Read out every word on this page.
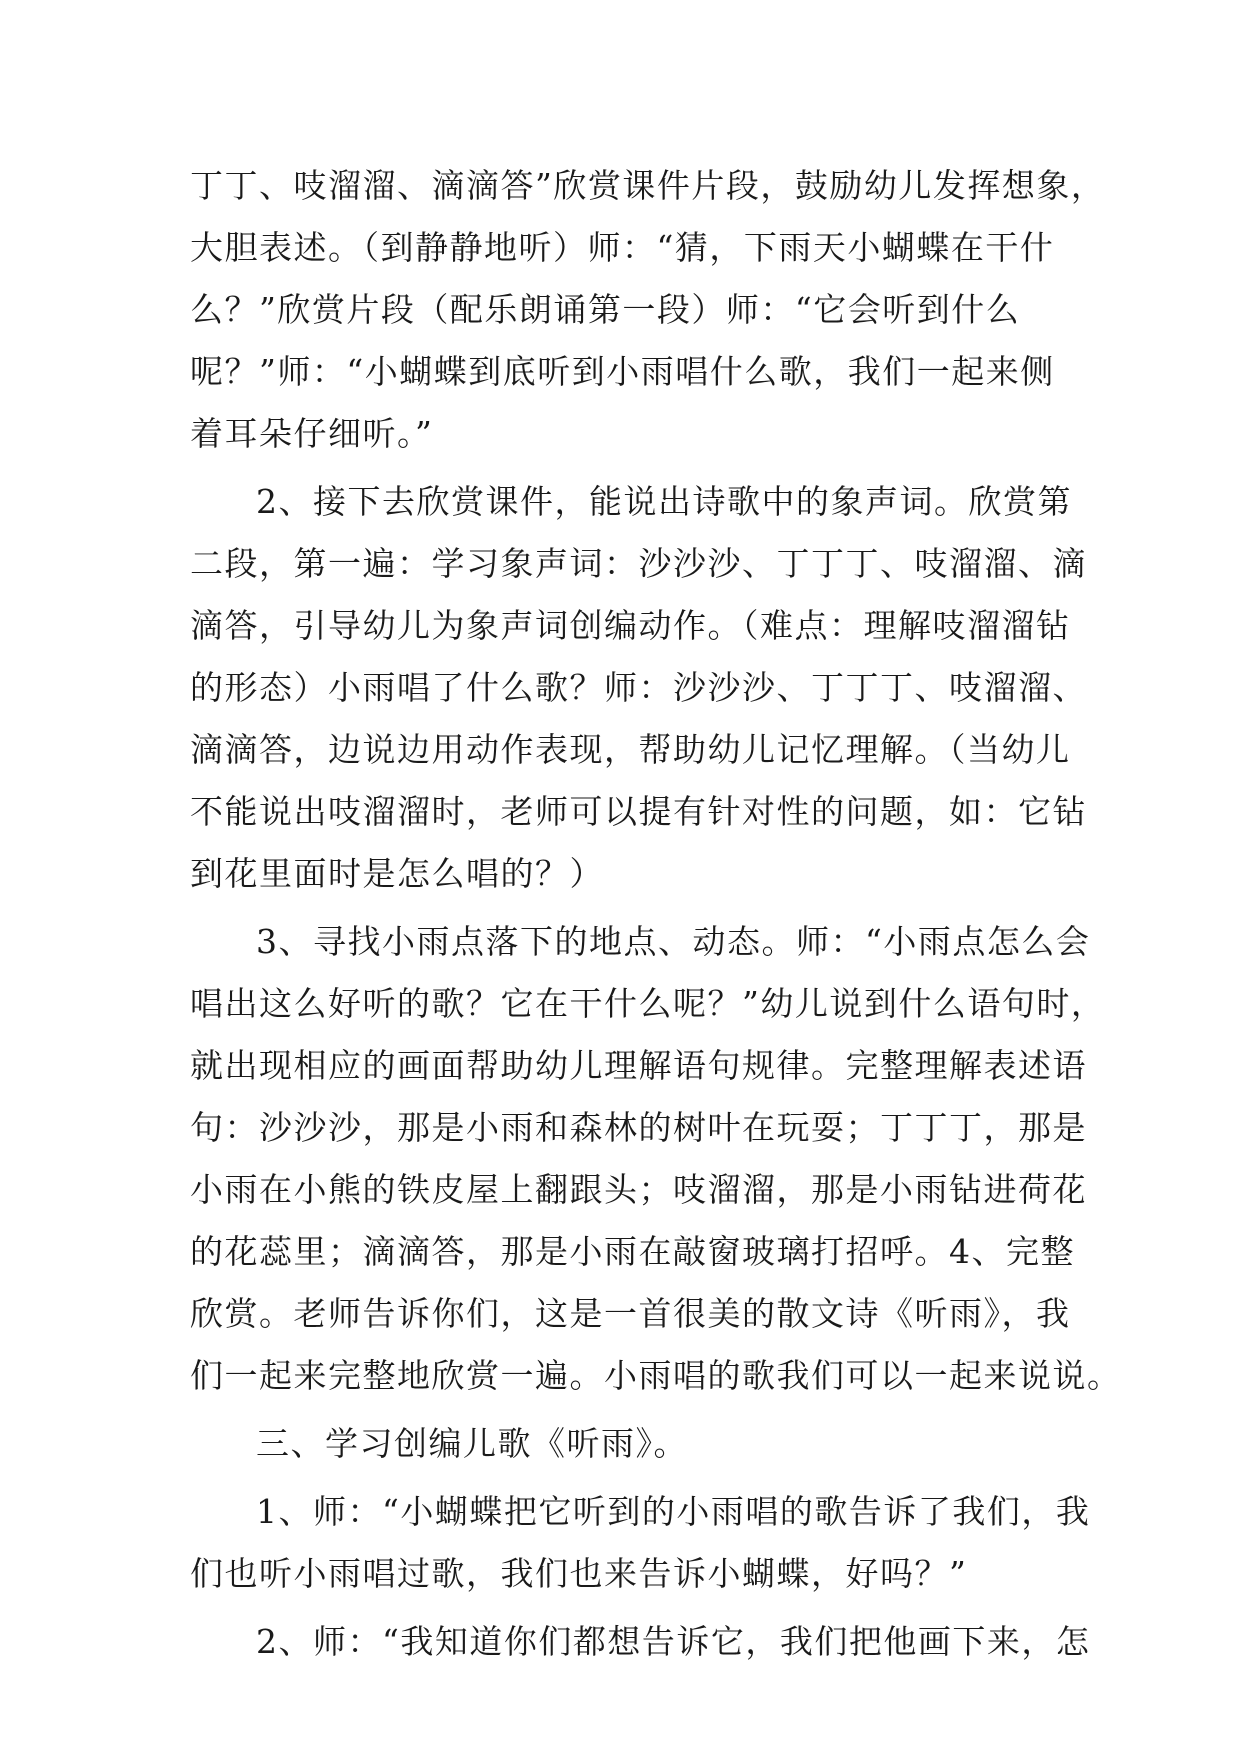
丁丁、吱溜溜、滴滴答”欣赏课件片段，鼓励幼儿发挥想象，
大胆表述。（到静静地听）师：“猜，下雨天小蝴蝶在干什
么？”欣赏片段（配乐朗诵第一段）师：“它会听到什么
呢？”师：“小蝴蝶到底听到小雨唱什么歌，我们一起来侧
着耳朵仔细听。”
2、接下去欣赏课件，能说出诗歌中的象声词。欣赏第
二段，第一遍：学习象声词：沙沙沙、丁丁丁、吱溜溜、滴
滴答，引导幼儿为象声词创编动作。（难点：理解吱溜溜钻
的形态）小雨唱了什么歌？师：沙沙沙、丁丁丁、吱溜溜、
滴滴答，边说边用动作表现，帮助幼儿记忆理解。（当幼儿
不能说出吱溜溜时，老师可以提有针对性的问题，如：它钻
到花里面时是怎么唱的？）
3、寻找小雨点落下的地点、动态。师：“小雨点怎么会
唱出这么好听的歌？它在干什么呢？”幼儿说到什么语句时，
就出现相应的画面帮助幼儿理解语句规律。完整理解表述语
句：沙沙沙，那是小雨和森林的树叶在玩耍；丁丁丁，那是
小雨在小熊的铁皮屋上翻跟头；吱溜溜，那是小雨钻进荷花
的花蕊里；滴滴答，那是小雨在敲窗玻璃打招呼。4、完整
欣赏。老师告诉你们，这是一首很美的散文诗《听雨》，我
们一起来完整地欣赏一遍。小雨唱的歌我们可以一起来说说。
三、学习创编儿歌《听雨》。
1、师：“小蝴蝶把它听到的小雨唱的歌告诉了我们，我
们也听小雨唱过歌，我们也来告诉小蝴蝶，好吗？”
2、师：“我知道你们都想告诉它，我们把他画下来，怎
